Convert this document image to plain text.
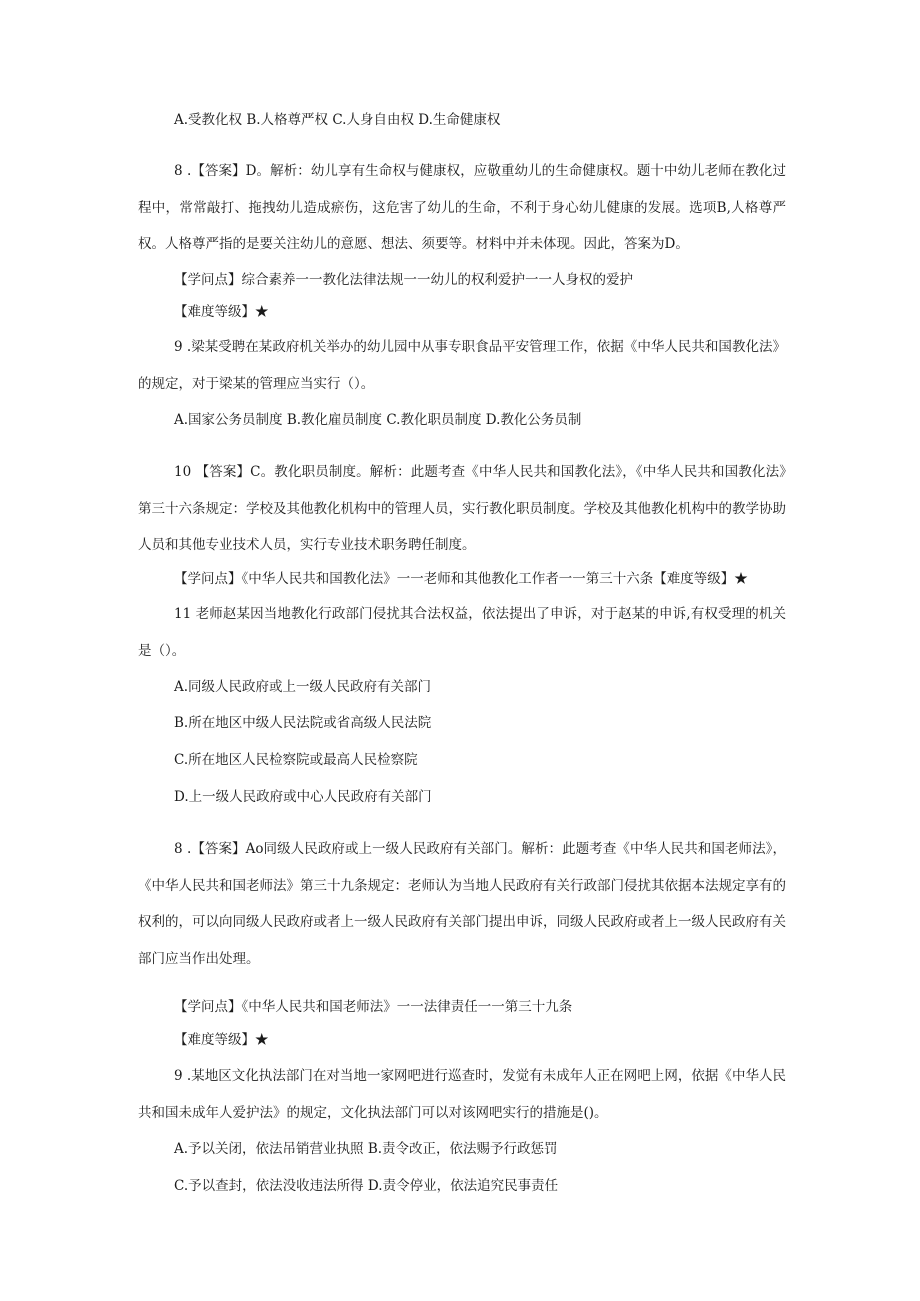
A.受教化权 B.人格尊严权 C.人身自由权 D.生命健康权

8 .【答案】D。解析：幼儿享有生命权与健康权，应敬重幼儿的生命健康权。题十中幼儿老师在教化过程中，常常敲打、拖拽幼儿造成瘀伤，这危害了幼儿的生命，不利于身心幼儿健康的发展。选项B,人格尊严权。人格尊严指的是要关注幼儿的意愿、想法、须要等。材料中并未体现。因此，答案为D。

【学问点】综合素养一一教化法律法规一一幼儿的权利爱护一一人身权的爱护

【难度等级】★

9 .梁某受聘在某政府机关举办的幼儿园中从事专职食品平安管理工作，依据《中华人民共和国教化法》的规定，对于梁某的管理应当实行（）。

A.国家公务员制度 B.教化雇员制度 C.教化职员制度 D.教化公务员制

10 【答案】C。教化职员制度。解析：此题考查《中华人民共和国教化法》，《中华人民共和国教化法》第三十六条规定：学校及其他教化机构中的管理人员，实行教化职员制度。学校及其他教化机构中的教学协助人员和其他专业技术人员，实行专业技术职务聘任制度。

【学问点】《中华人民共和国教化法》一一老师和其他教化工作者一一第三十六条【难度等级】★

11 老师赵某因当地教化行政部门侵扰其合法权益，依法提出了申诉，对于赵某的申诉,有权受理的机关是（）。

A.同级人民政府或上一级人民政府有关部门

B.所在地区中级人民法院或省高级人民法院

C.所在地区人民检察院或最高人民检察院

D.上一级人民政府或中心人民政府有关部门

8 .【答案】Ao同级人民政府或上一级人民政府有关部门。解析：此题考查《中华人民共和国老师法》，《中华人民共和国老师法》第三十九条规定：老师认为当地人民政府有关行政部门侵扰其依据本法规定享有的权利的，可以向同级人民政府或者上一级人民政府有关部门提出申诉，同级人民政府或者上一级人民政府有关部门应当作出处理。

【学问点】《中华人民共和国老师法》一一法律责任一一第三十九条

【难度等级】★

9 .某地区文化执法部门在对当地一家网吧进行巡查时，发觉有未成年人正在网吧上网，依据《中华人民共和国未成年人爱护法》的规定，文化执法部门可以对该网吧实行的措施是()。

A.予以关闭，依法吊销营业执照 B.责令改正，依法赐予行政惩罚

C.予以查封，依法没收违法所得 D.责令停业，依法追究民事责任
